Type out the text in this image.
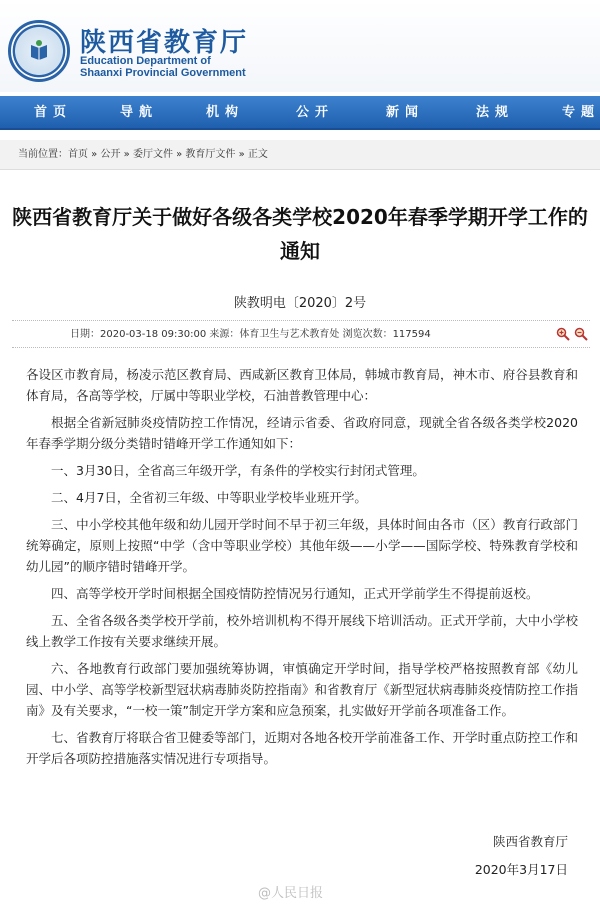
陕西省教育厅
Education Department of
Shaanxi Provincial Government
首页	导航	机构	公开	新闻	法规	专题
当前位置：首页 » 公开 » 委厅文件 » 教育厅文件 » 正文
陕西省教育厅关于做好各级各类学校2020年春季学期开学工作的通知
陕教明电〔2020〕2号
日期：2020-03-18 09:30:00 来源：体育卫生与艺术教育处 浏览次数：117594

各设区市教育局，杨凌示范区教育局、西咸新区教育卫体局，韩城市教育局，神木市、府谷县教育和体育局，各高等学校，厅属中等职业学校，石油普教管理中心：

根据全省新冠肺炎疫情防控工作情况，经请示省委、省政府同意，现就全省各级各类学校2020年春季学期分级分类错时错峰开学工作通知如下：

一、3月30日，全省高三年级开学，有条件的学校实行封闭式管理。

二、4月7日，全省初三年级、中等职业学校毕业班开学。

三、中小学校其他年级和幼儿园开学时间不早于初三年级，具体时间由各市（区）教育行政部门统筹确定，原则上按照“中学（含中等职业学校）其他年级——小学——国际学校、特殊教育学校和幼儿园”的顺序错时错峰开学。

四、高等学校开学时间根据全国疫情防控情况另行通知，正式开学前学生不得提前返校。

五、全省各级各类学校开学前，校外培训机构不得开展线下培训活动。正式开学前，大中小学校线上教学工作按有关要求继续开展。

六、各地教育行政部门要加强统筹协调，审慎确定开学时间，指导学校严格按照教育部《幼儿园、中小学、高等学校新型冠状病毒肺炎防控指南》和省教育厅《新型冠状病毒肺炎疫情防控工作指南》及有关要求，“一校一策”制定开学方案和应急预案，扎实做好开学前各项准备工作。

七、省教育厅将联合省卫健委等部门，近期对各地各校开学前准备工作、开学时重点防控工作和开学后各项防控措施落实情况进行专项指导。

陕西省教育厅
2020年3月17日
@人民日报
